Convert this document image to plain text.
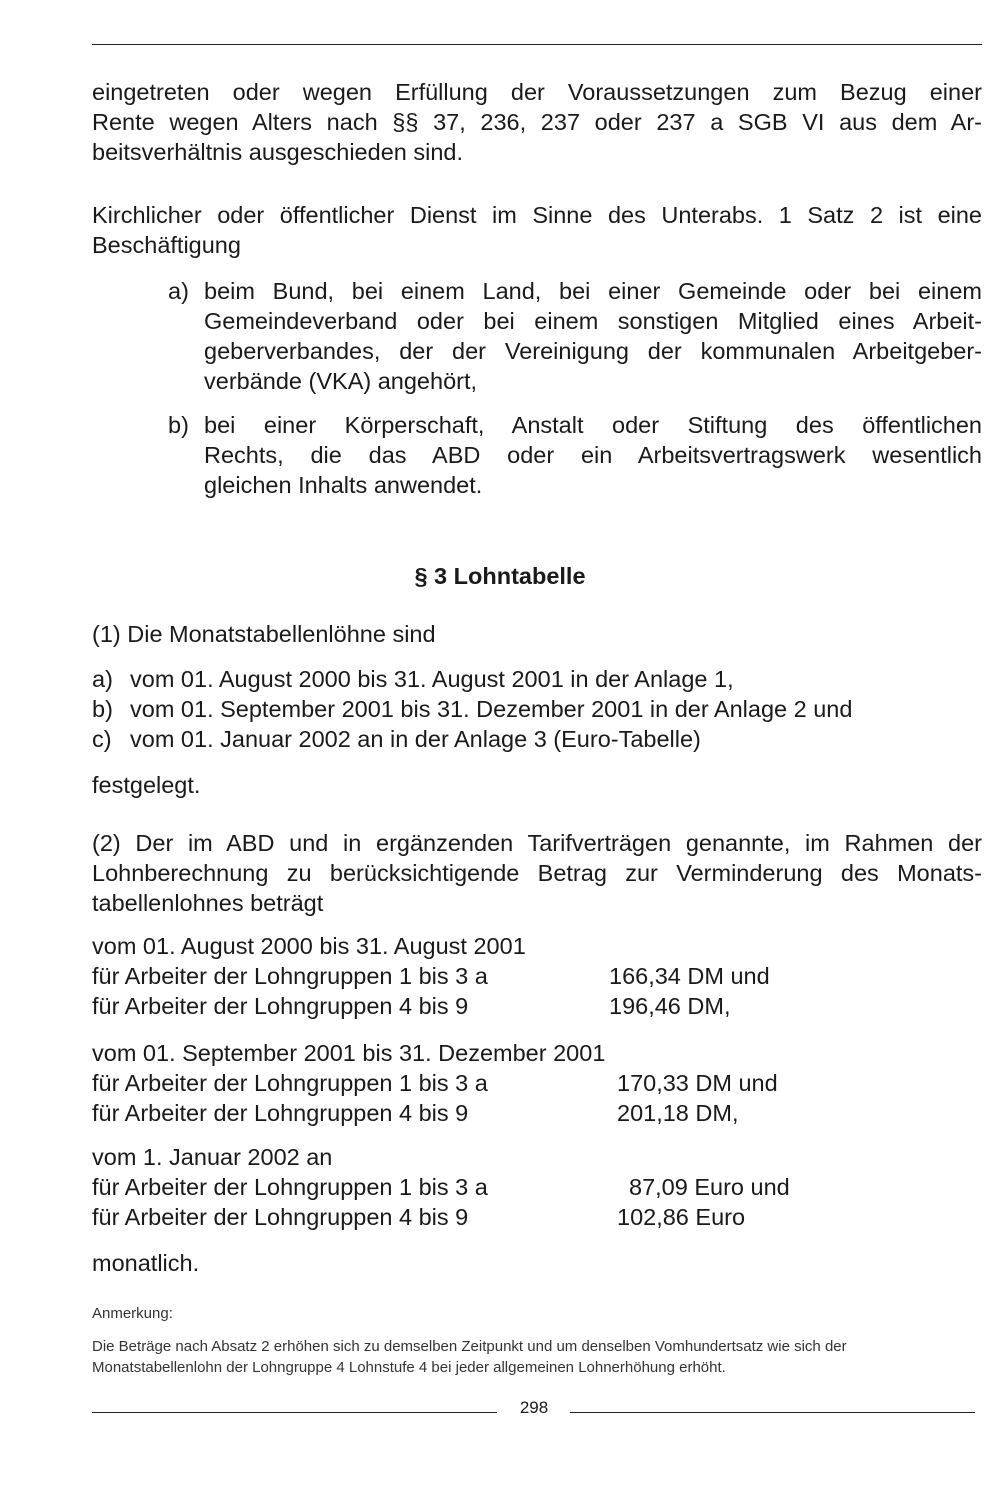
eingetreten oder wegen Erfüllung der Voraussetzungen zum Bezug einer
Rente wegen Alters nach §§ 37, 236, 237 oder 237 a SGB VI aus dem Ar-
beitsverhältnis ausgeschieden sind.

Kirchlicher oder öffentlicher Dienst im Sinne des Unterabs. 1 Satz 2 ist eine
Beschäftigung

a) beim Bund, bei einem Land, bei einer Gemeinde oder bei einem
Gemeindeverband oder bei einem sonstigen Mitglied eines Arbeit-
geberverbandes, der der Vereinigung der kommunalen Arbeitgeber-
verbände (VKA) angehört,
b) bei einer Körperschaft, Anstalt oder Stiftung des öffentlichen
Rechts, die das ABD oder ein Arbeitsvertragswerk wesentlich
gleichen Inhalts anwendet.
§ 3 Lohntabelle

(1) Die Monatstabellenlöhne sind

a) vom 01. August 2000 bis 31. August 2001 in der Anlage 1,
b) vom 01. September 2001 bis 31. Dezember 2001 in der Anlage 2 und
c) vom 01. Januar 2002 an in der Anlage 3 (Euro-Tabelle)

festgelegt.

(2) Der im ABD und in ergänzenden Tarifverträgen genannte, im Rahmen der
Lohnberechnung zu berücksichtigende Betrag zur Verminderung des Monats-
tabellenlohnes beträgt

vom 01. August 2000 bis 31. August 2001
für Arbeiter der Lohngruppen 1 bis 3 a	166,34 DM und
für Arbeiter der Lohngruppen 4 bis 9	196,46 DM,
vom 01. September 2001 bis 31. Dezember 2001
für Arbeiter der Lohngruppen 1 bis 3 a	170,33 DM und
für Arbeiter der Lohngruppen 4 bis 9	201,18 DM,
vom 1. Januar 2002 an
für Arbeiter der Lohngruppen 1 bis 3 a	87,09 Euro und
für Arbeiter der Lohngruppen 4 bis 9	102,86 Euro

monatlich.

Anmerkung:
Die Beträge nach Absatz 2 erhöhen sich zu demselben Zeitpunkt und um denselben Vomhundertsatz wie sich der Monatstabellenlohn der Lohngruppe 4 Lohnstufe 4 bei jeder allgemeinen Lohnerhöhung erhöht.
298
